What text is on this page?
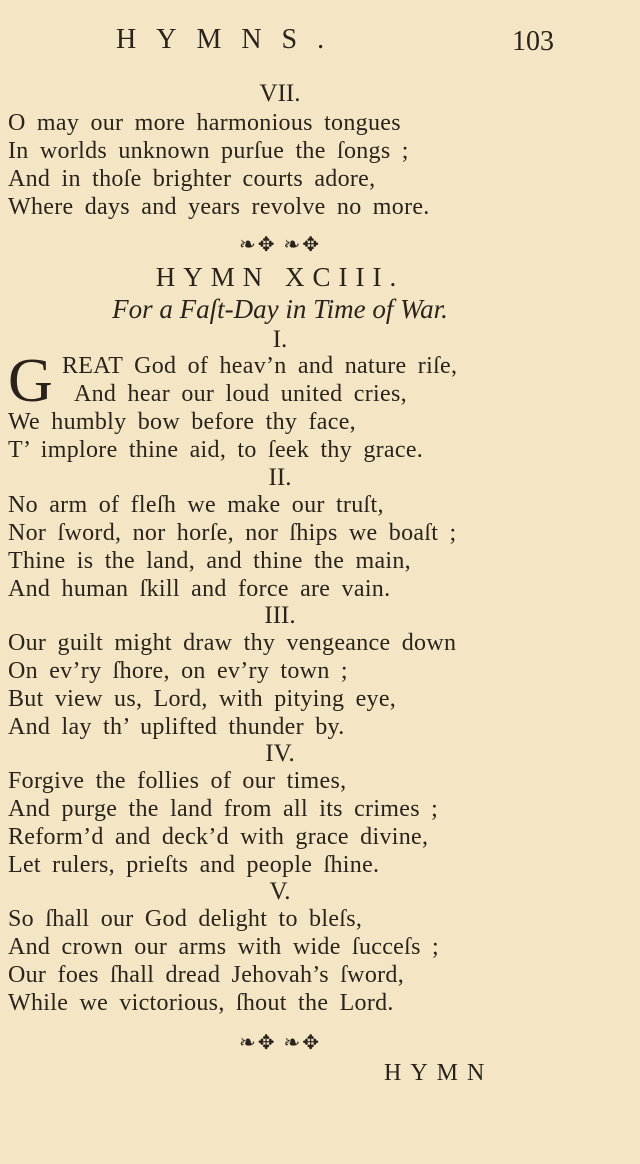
HYMNS.	103
VII.
O may our more harmonious tongues
In worlds unknown purſue the ſongs ;
And in thoſe brighter courts adore,
Where days and years revolve no more.
❧✥ ❧✥
HYMN XCIII.
For a Faſt-Day in Time of War.
I.
G REAT God of heav’n and nature riſe,
And hear our loud united cries,
We humbly bow before thy face,
T’ implore thine aid, to ſeek thy grace.
II.
No arm of fleſh we make our truſt,
Nor ſword, nor horſe, nor ſhips we boaſt ;
Thine is the land, and thine the main,
And human ſkill and force are vain.
III.
Our guilt might draw thy vengeance down
On ev’ry ſhore, on ev’ry town ;
But view us, Lord, with pitying eye,
And lay th’ uplifted thunder by.
IV.
Forgive the follies of our times,
And purge the land from all its crimes ;
Reform’d and deck’d with grace divine,
Let rulers, prieſts and people ſhine.
V.
So ſhall our God delight to bleſs,
And crown our arms with wide ſucceſs ;
Our foes ſhall dread Jehovah’s ſword,
While we victorious, ſhout the Lord.
❧✥ ❧✥
HYMN
